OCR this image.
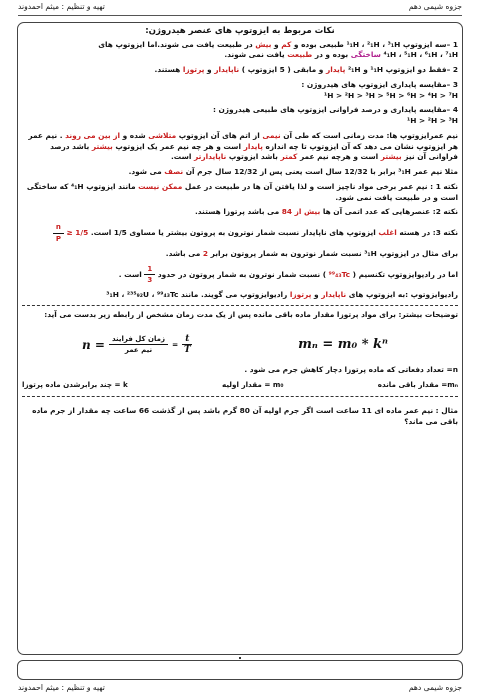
جزوه شیمی دهم
تهیه و تنظیم : میثم احمدوند
نکات مربوط به ایزوتوپ های عنصر هیدروژن:
1 –سه ایزوتوپ ¹₁H ، ²₁H ، ³₁H طبیعی بوده و کم و بیش در طبیعت یافت می شوند.اما ایزوتوپ های ⁴₁H ، ⁵₁H ، ⁶₁H ، ⁷₁H ساختگی بوده و در طبیعت یافت نمی شوند.
2 –فقط دو ایزوتوپ ¹₁H و ²₁H پایدار و مابقی ( 5 ایزوتوپ ) ناپایدار و پرتوزا هستند.
3 –مقایسه پایداری ایزوتوپ های هیدروژن :
¹H > ²H > ³H > ⁵H > ⁶H > ⁴H > ⁷H
4 –مقایسه پایداری و درصد فراوانی ایزوتوپ های طبیعی هیدروژن :
¹H > ²H > ³H
نیم عمرایزوتوپ ها: مدت زمانی است که طی آن نیمی از اتم های آن ایزوتوپ متلاشی شده و از بین می روند . نیم عمر هر ایزوتوپ نشان می دهد که آن ایزوتوپ تا چه اندازه پایدار است و هر چه نیم عمر یک ایزوتوپ بیشتر باشد درصد فراوانی آن نیز بیشتر است و هرچه نیم عمر کمتر باشد ایزوتوپ ناپایدارتر است.
مثلا نیم عمر ³₁H برابر با 12/32 سال است یعنی پس از 12/32 سال جرم آن نصف می شود.
نکته 1 : نیم عمر برخی مواد ناچیز است و لذا یافتن آن ها در طبیعت در عمل ممکن نیست مانند ایزوتوپ ⁴₁H که ساختگی است و در طبیعت یافت نمی شود.
نکته 2: عنصرهایی که عدد اتمی آن ها بیش از 84 می باشد پرتوزا هستند.
نکته 3: در هسته اغلب ایزوتوپ های ناپایدار نسبت شمار نوترون به پروتون بیشتر یا مساوی 1/5 است.
$\frac{n}{P} \ge 1/5$
برای مثال در ایزوتوپ ³₁H نسبت شمار نوترون به شمار پروتون برابر 2 می باشد.
اما در رادیوایزوتوپ تکنسیم ( ⁹⁹₄₃Tc ) نسبت شمار نوترون به شمار پروتون در حدود
$\frac{1}{3}$
است .
رادیوایزوتوپ :به ایزوتوپ های ناپایدار و پرتوزا رادیوایزوتوپ می گویند. مانند ³₁H ، ²³⁵₉₂U ، ⁹⁹₄₃Tc
توضیحات بیشتر: برای مواد پرتوزا مقدار ماده باقی مانده پس از یک مدت زمان مشخص از رابطه زیر بدست می آید:
$n = \frac{\text{زمان کل فرایند}}{\text{نیم عمر}} = \frac{t}{T}$	mₙ = m₀ * kⁿ
n= تعداد دفعاتی که ماده پرتوزا دچار کاهش جرم می شود .
mₙ= مقدار باقی مانده
m₀ = مقدار اولیه
k = چند برابرشدن ماده پرتوزا
مثال : نیم عمر ماده ای 11 ساعت است اگر جرم اولیه آن 80 گرم باشد پس از گذشت 66 ساعت چه مقدار از جرم ماده باقی می ماند؟
جزوه شیمی دهم
تهیه و تنظیم : میثم احمدوند
